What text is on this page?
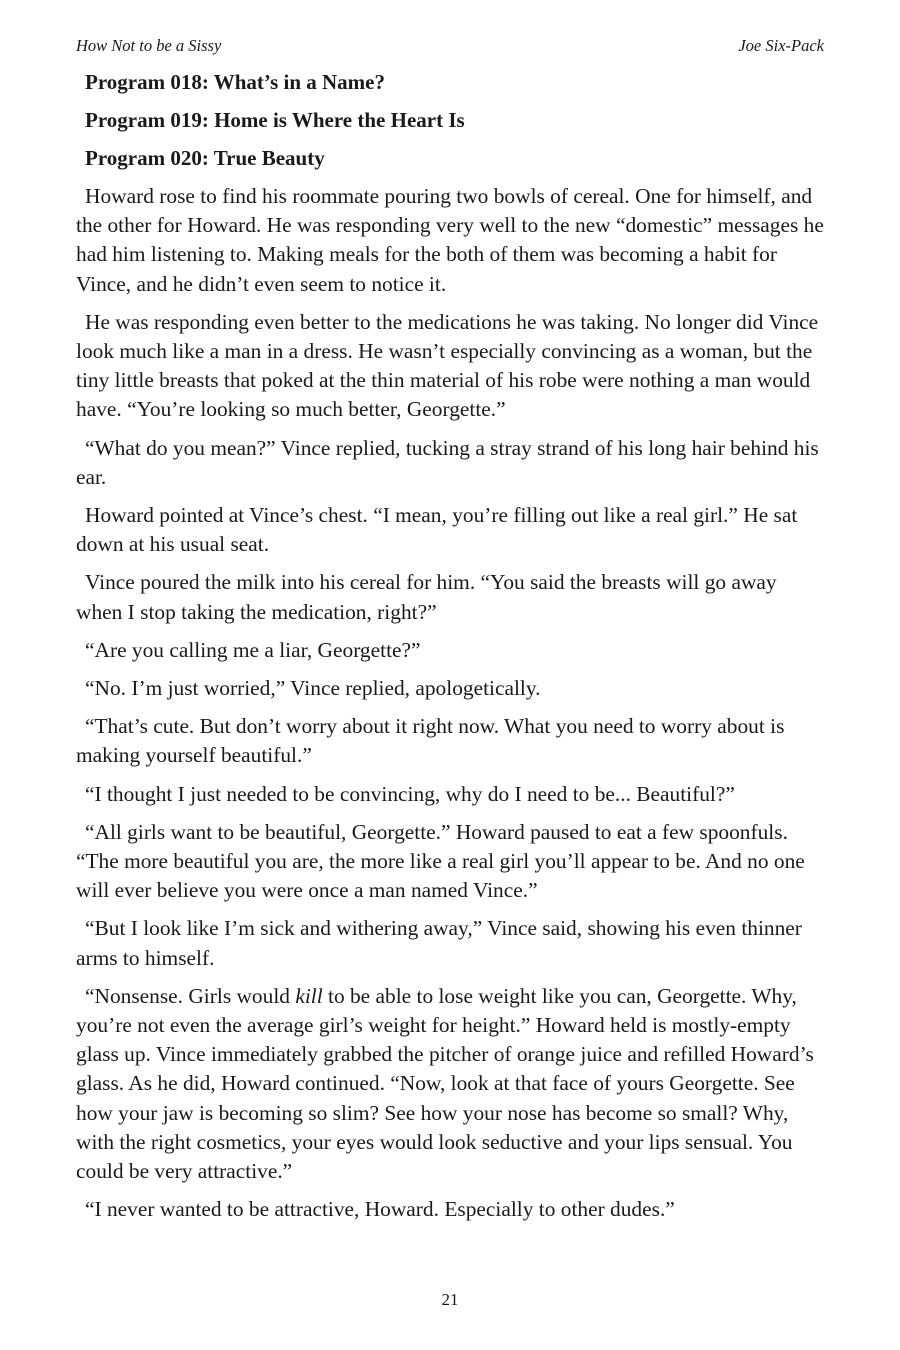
How Not to be a Sissy	Joe Six-Pack
Program 018: What’s in a Name?
Program 019: Home is Where the Heart Is
Program 020: True Beauty

Howard rose to find his roommate pouring two bowls of cereal. One for himself, and the other for Howard. He was responding very well to the new “domestic” messages he had him listening to. Making meals for the both of them was becoming a habit for Vince, and he didn’t even seem to notice it.

He was responding even better to the medications he was taking. No longer did Vince look much like a man in a dress. He wasn’t especially convincing as a woman, but the tiny little breasts that poked at the thin material of his robe were nothing a man would have. “You’re looking so much better, Georgette.”

“What do you mean?” Vince replied, tucking a stray strand of his long hair behind his ear.

Howard pointed at Vince’s chest. “I mean, you’re filling out like a real girl.” He sat down at his usual seat.

Vince poured the milk into his cereal for him. “You said the breasts will go away when I stop taking the medication, right?”

“Are you calling me a liar, Georgette?”

“No. I’m just worried,” Vince replied, apologetically.

“That’s cute. But don’t worry about it right now. What you need to worry about is making yourself beautiful.”

“I thought I just needed to be convincing, why do I need to be... Beautiful?”

“All girls want to be beautiful, Georgette.” Howard paused to eat a few spoonfuls. “The more beautiful you are, the more like a real girl you’ll appear to be. And no one will ever believe you were once a man named Vince.”

“But I look like I’m sick and withering away,” Vince said, showing his even thinner arms to himself.

“Nonsense. Girls would kill to be able to lose weight like you can, Georgette. Why, you’re not even the average girl’s weight for height.” Howard held is mostly-empty glass up. Vince immediately grabbed the pitcher of orange juice and refilled Howard’s glass. As he did, Howard continued. “Now, look at that face of yours Georgette. See how your jaw is becoming so slim? See how your nose has become so small? Why, with the right cosmetics, your eyes would look seductive and your lips sensual. You could be very attractive.”

“I never wanted to be attractive, Howard. Especially to other dudes.”

21
